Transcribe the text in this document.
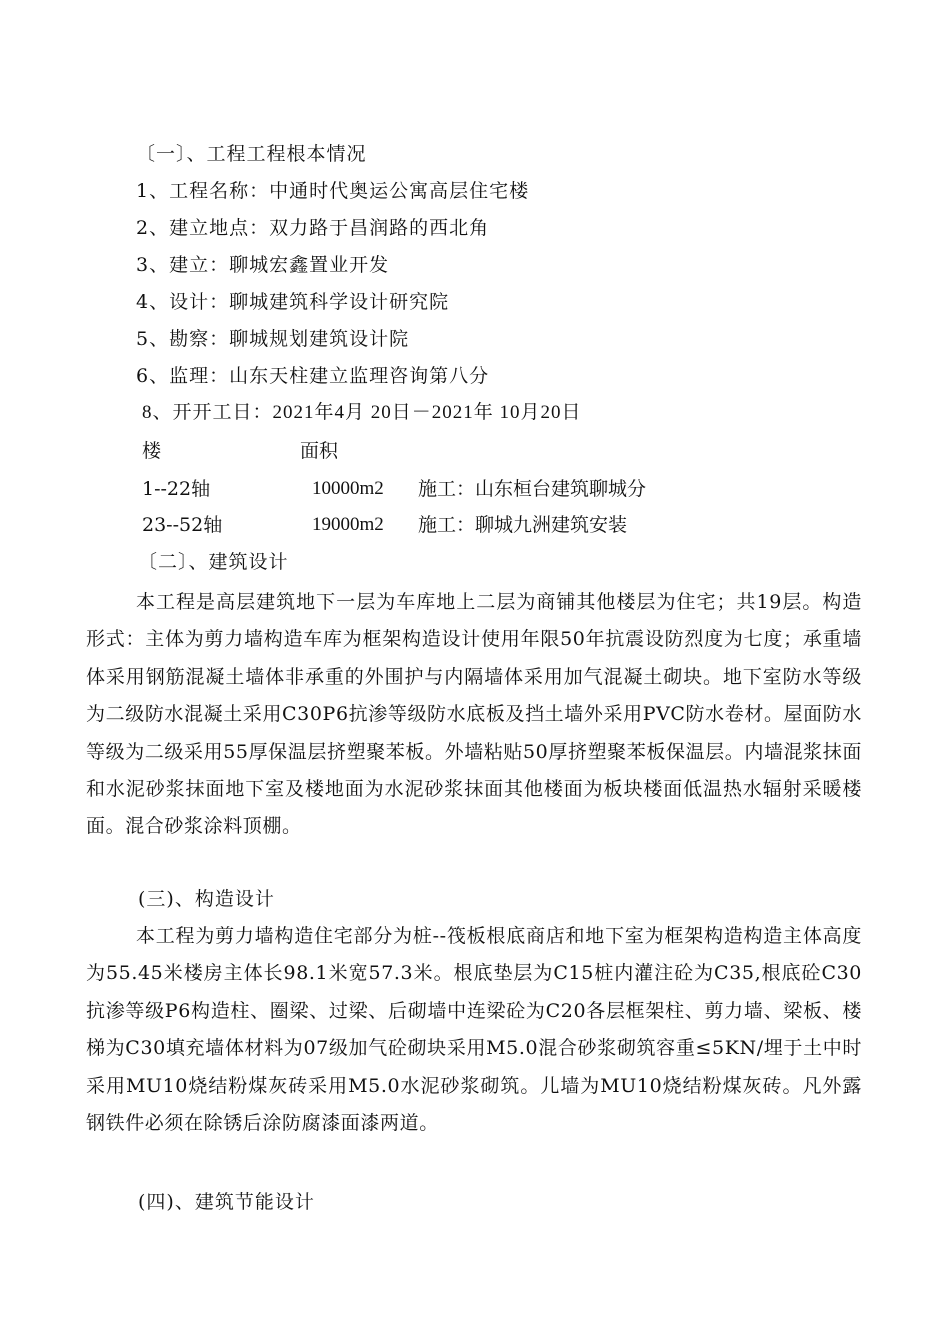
〔一〕、工程工程根本情况
1、工程名称：中通时代奥运公寓高层住宅楼
2、建立地点：双力路于昌润路的西北角
3、建立：聊城宏鑫置业开发
4、设计：聊城建筑科学设计研究院
5、勘察：聊城规划建筑设计院
6、监理：山东天柱建立监理咨询第八分
8、开开工日：2021年4月 20日－2021年 10月20日
楼	面积
1--22轴	10000m2 施工：山东桓台建筑聊城分
23--52轴	19000m2 施工：聊城九洲建筑安装
〔二〕、建筑设计
本工程是高层建筑地下一层为车库地上二层为商铺其他楼层为住宅；共19层。构造形式：主体为剪力墙构造车库为框架构造设计使用年限50年抗震设防烈度为七度；承重墙体采用钢筋混凝土墙体非承重的外围护与内隔墙体采用加气混凝土砌块。地下室防水等级为二级防水混凝土采用C30P6抗渗等级防水底板及挡土墙外采用PVC防水卷材。屋面防水等级为二级采用55厚保温层挤塑聚苯板。外墙粘贴50厚挤塑聚苯板保温层。内墙混浆抹面和水泥砂浆抹面地下室及楼地面为水泥砂浆抹面其他楼面为板块楼面低温热水辐射采暖楼面。混合砂浆涂料顶棚。
(三)、构造设计
本工程为剪力墙构造住宅部分为桩--筏板根底商店和地下室为框架构造构造主体高度为55.45米楼房主体长98.1米宽57.3米。根底垫层为C15桩内灌注砼为C35,根底砼C30抗渗等级P6构造柱、圈梁、过梁、后砌墙中连梁砼为C20各层框架柱、剪力墙、梁板、楼梯为C30填充墙体材料为07级加气砼砌块采用M5.0混合砂浆砌筑容重≤5KN/埋于土中时采用MU10烧结粉煤灰砖采用M5.0水泥砂浆砌筑。儿墙为MU10烧结粉煤灰砖。凡外露钢铁件必须在除锈后涂防腐漆面漆两道。
(四)、建筑节能设计
